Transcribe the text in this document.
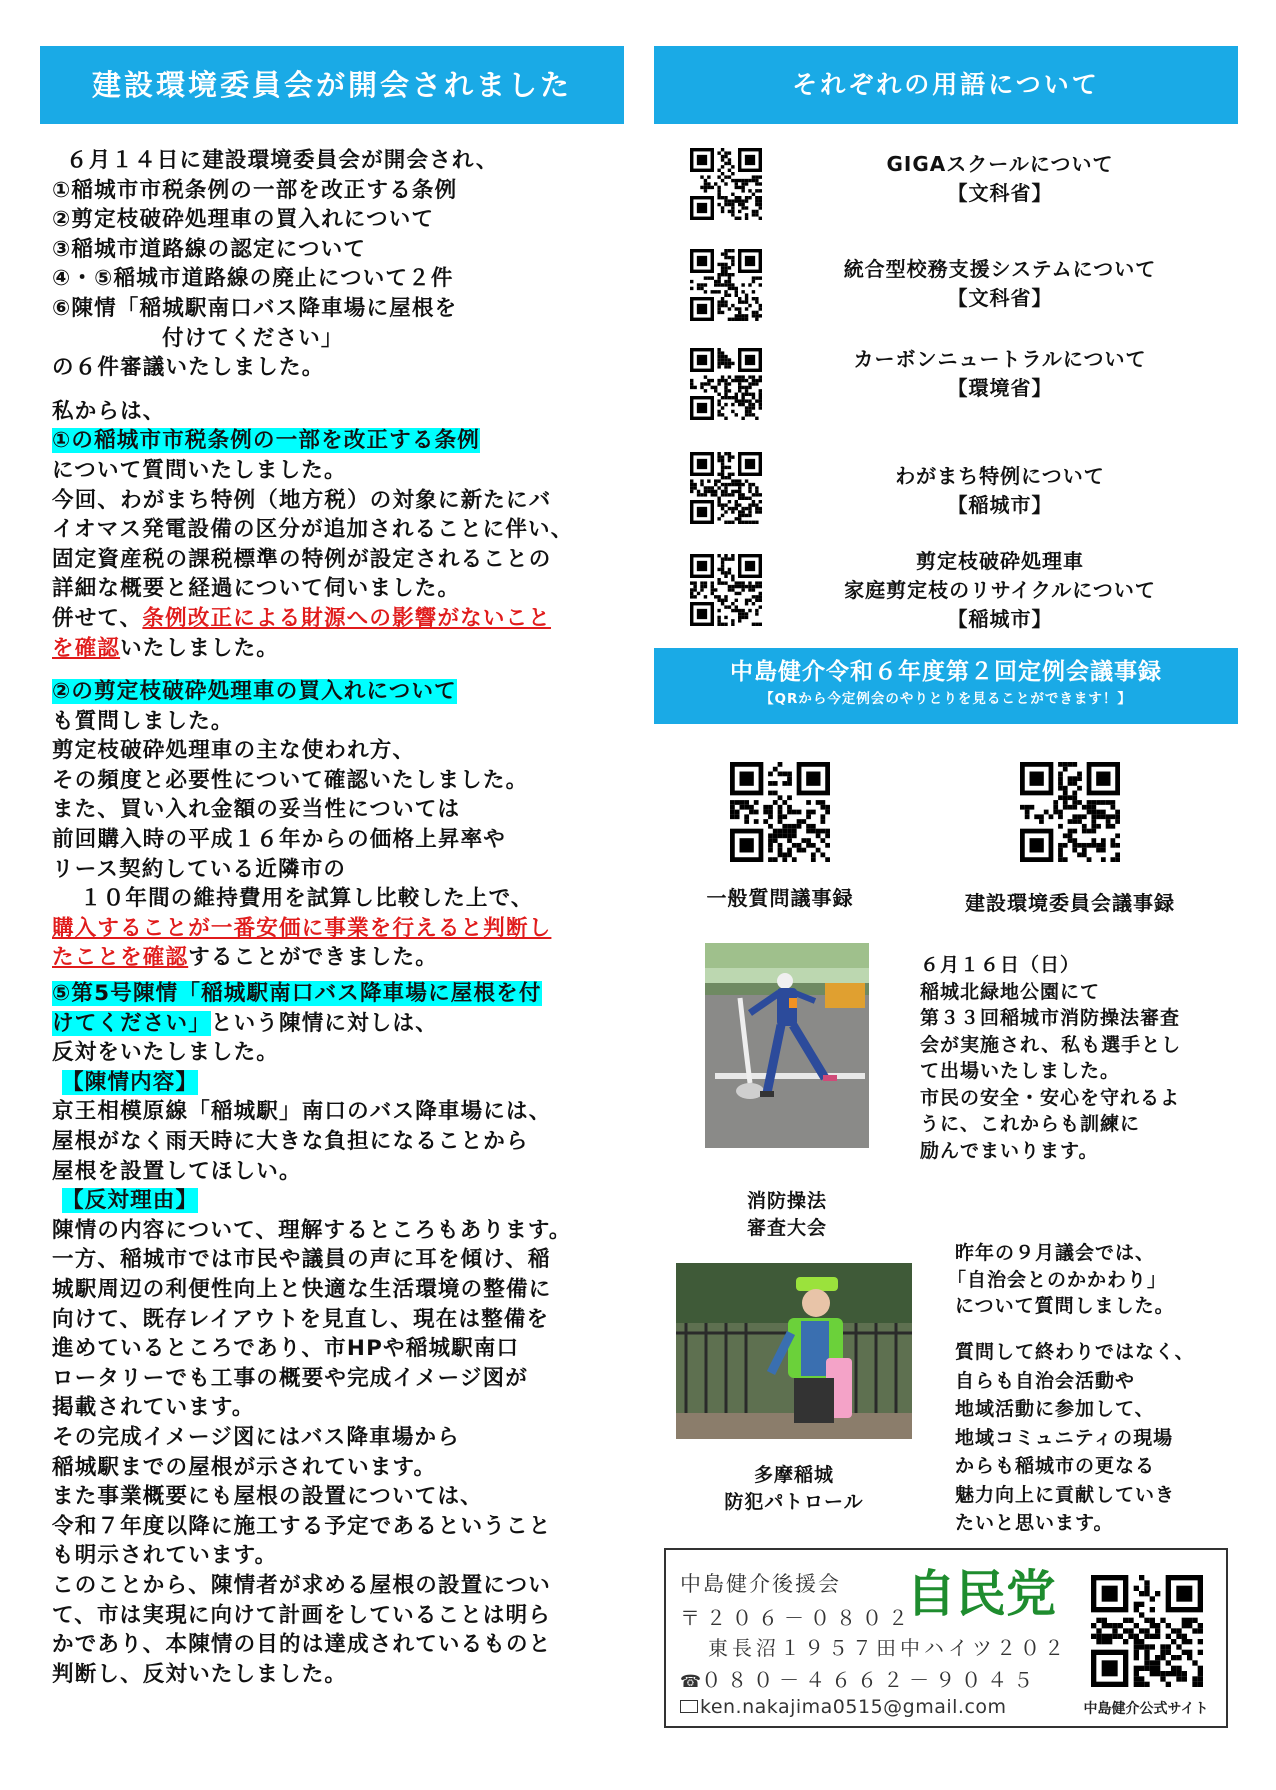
建設環境委員会が開会されました
６月１４日に建設環境委員会が開会され、
①稲城市市税条例の一部を改正する条例
②剪定枝破砕処理車の買入れについて
③稲城市道路線の認定について
④・⑤稲城市道路線の廃止について２件
⑥陳情「稲城駅南口バス降車場に屋根を
付けてください」
の６件審議いたしました。
私からは、
①の稲城市市税条例の一部を改正する条例
について質問いたしました。
今回、わがまち特例（地方税）の対象に新たにバ
イオマス発電設備の区分が追加されることに伴い、
固定資産税の課税標準の特例が設定されることの
詳細な概要と経過について伺いました。
併せて、条例改正による財源への影響がないこと
を確認いたしました。
②の剪定枝破砕処理車の買入れについて
も質問しました。
剪定枝破砕処理車の主な使われ方、
その頻度と必要性について確認いたしました。
また、買い入れ金額の妥当性については
前回購入時の平成１６年からの価格上昇率や
リース契約している近隣市の
１０年間の維持費用を試算し比較した上で、
購入することが一番安価に事業を行えると判断し
たことを確認することができました。
⑤第5号陳情「稲城駅南口バス降車場に屋根を付
けてください」という陳情に対しは、
反対をいたしました。
【陳情内容】
京王相模原線「稲城駅」南口のバス降車場には、
屋根がなく雨天時に大きな負担になることから
屋根を設置してほしい。
【反対理由】
陳情の内容について、理解するところもあります。
一方、稲城市では市民や議員の声に耳を傾け、稲
城駅周辺の利便性向上と快適な生活環境の整備に
向けて、既存レイアウトを見直し、現在は整備を
進めているところであり、市HPや稲城駅南口
ロータリーでも工事の概要や完成イメージ図が
掲載されています。
その完成イメージ図にはバス降車場から
稲城駅までの屋根が示されています。
また事業概要にも屋根の設置については、
令和７年度以降に施工する予定であるということ
も明示されています。
このことから、陳情者が求める屋根の設置につい
て、市は実現に向けて計画をしていることは明ら
かであり、本陳情の目的は達成されているものと
判断し、反対いたしました。
それぞれの用語について
GIGAスクールについて
【文科省】
統合型校務支援システムについて
【文科省】
カーボンニュートラルについて
【環境省】
わがまち特例について
【稲城市】
剪定枝破砕処理車
家庭剪定枝のリサイクルについて
【稲城市】
中島健介令和６年度第２回定例会議事録
【QRから今定例会のやりとりを見ることができます！】
一般質問議事録	建設環境委員会議事録
消防操法
審査大会
６月１６日（日）
稲城北緑地公園にて
第３３回稲城市消防操法審査
会が実施され、私も選手とし
て出場いたしました。
市民の安全・安心を守れるよ
うに、これからも訓練に
励んでまいります。
多摩稲城
防犯パトロール
昨年の９月議会では、
「自治会とのかかわり」
について質問しました。
質問して終わりではなく、
自らも自治会活動や
地域活動に参加して、
地域コミュニティの現場
からも稲城市の更なる
魅力向上に貢献していき
たいと思います。
中島健介後援会 自民党
〒２０６－０８０２
東長沼１９５７田中ハイツ２０２
☎０８０－４６６２－９０４５
ken.nakajima0515@gmail.com	中島健介公式サイト
